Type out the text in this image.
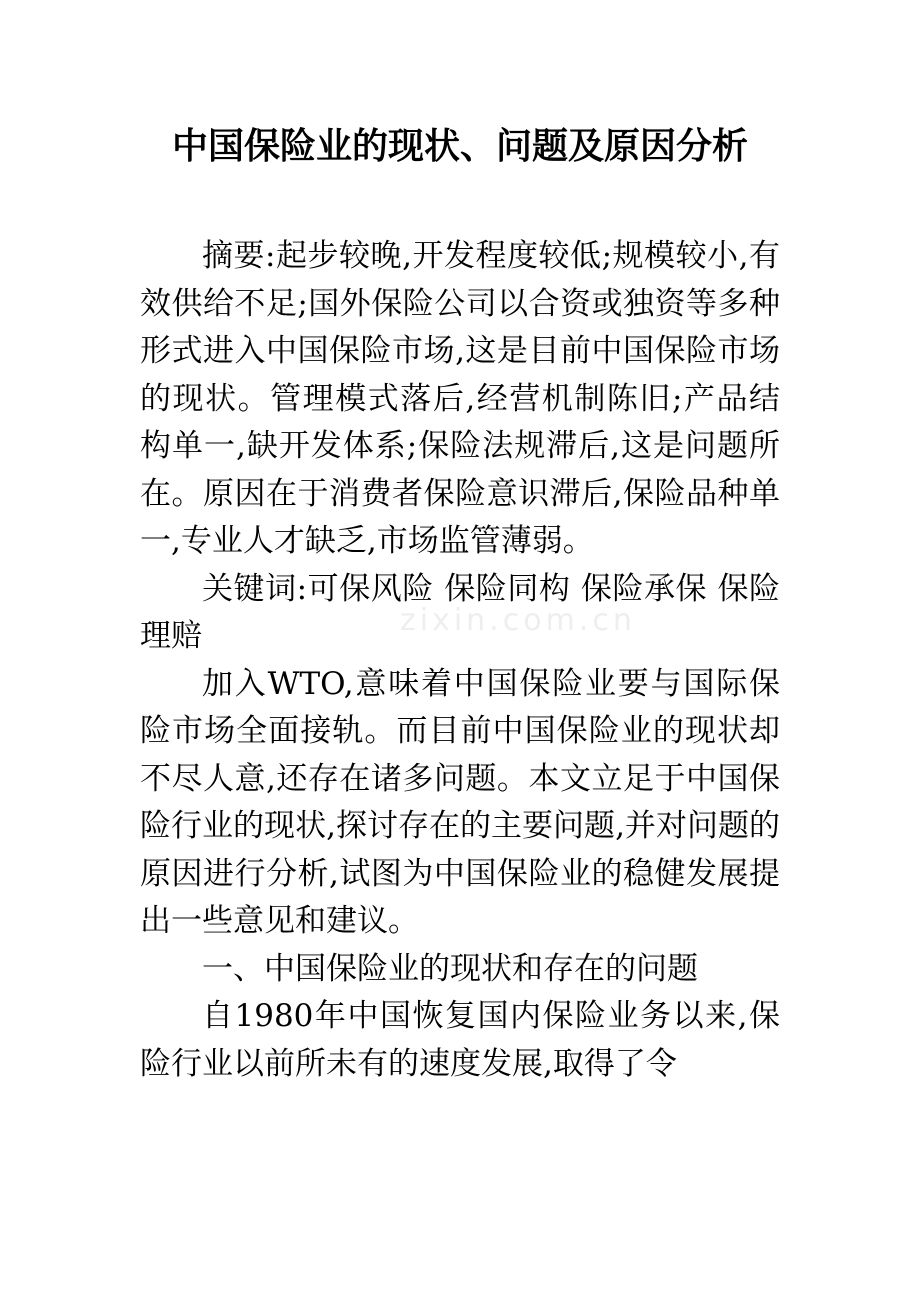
中国保险业的现状、问题及原因分析

摘要:起步较晚,开发程度较低;规模较小,有效供给不足;国外保险公司以合资或独资等多种形式进入中国保险市场,这是目前中国保险市场的现状。管理模式落后,经营机制陈旧;产品结构单一,缺开发体系;保险法规滞后,这是问题所在。原因在于消费者保险意识滞后,保险品种单一,专业人才缺乏,市场监管薄弱。

关键词:可保风险 保险同构 保险承保 保险理赔

加入WTO,意味着中国保险业要与国际保险市场全面接轨。而目前中国保险业的现状却不尽人意,还存在诸多问题。本文立足于中国保险行业的现状,探讨存在的主要问题,并对问题的原因进行分析,试图为中国保险业的稳健发展提出一些意见和建议。

一、中国保险业的现状和存在的问题

自1980年中国恢复国内保险业务以来,保险行业以前所未有的速度发展,取得了令

zixin.com.cn
